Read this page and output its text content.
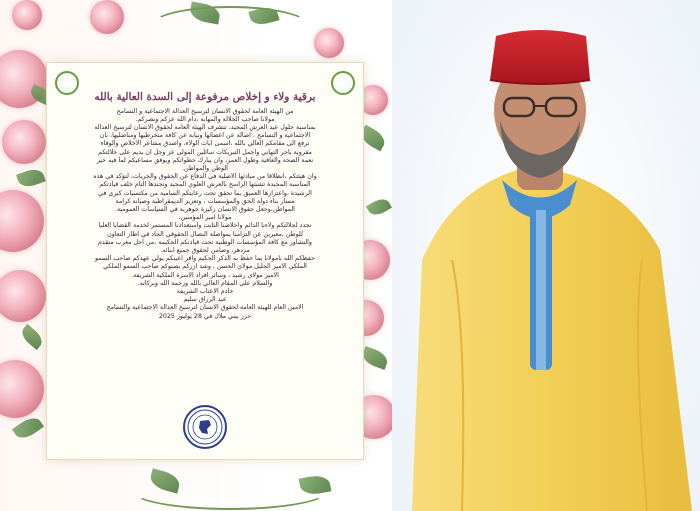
برقية ولاء و إخلاص مرفوعة إلى السدة العالية بالله
من الهيئة العامة لحقوق الانسان لترسيخ العدالة الاجتماعية و التسامح
مولانا صاحب الجلالة والمهابة ،دام الله عزكم ونصركم.
بمناسبة حلول عيد العرش المجيد، تتشرف الهيئة العامة لحقوق الانسان لترسيخ العدالة
الاجتماعية و التسامح ، اصالة عن اعضائها ونيابة عن كافة منخرطيها ومناضليها، بان
ترفع الى مقامكم العالي بالله ،اسمى ايات الولاء، واصدق مشاعر الاخلاص والوفاء
مقرونة بأحر التهاني وأجمل التبريكات سائلين المولى عز وجل ان يديم على جلالتكم
نعمة الصحة والعافية وطول العمر، وأن يبارك خطواتكم ويوفق مساعيكم لما فيه خير
الوطن والمواطن.
وان هيئتكم ،انطلاقا من مبادئها الاصلية في الدفاع عن الحقوق والحريات، لتؤكد في هذه
المناسبة المجيدة تشبثها الراسخ بالعرش العلوي المجيد وتجندها التام خلف قيادتكم
الرشيدة ،واعتزازها العميق بما تحقق تحت رعايتكم السامية من مكتسبات كبرى في
مسار بناء دولة الحق والمؤسسات ، وتعزيز الديمقراطية وصيانة كرامة
المواطن،وجعل حقوق الانسان ركيزة جوهرية في السياسات العمومية.
مولانا امير المؤمنين،
نجدد لجلالتكم ولاءنا الدائم واخلاصنا الثابت واستعدادنا المستمر لخدمة القضايا العليا
للوطن ،معبرين عن التزامنا بمواصلة النضال الحقوقي الجاد في اطار التعاون
والتشاور مع كافة المؤسسات الوطنية تحت قيادتكم الحكيمة ،من اجل مغرب متقدم
مزدهر، وضامن لحقوق جميع ابنائه.
حفظكم الله بامولانا بما حفظ به الذكر الحكيم واقر اعينكم بولي عهدكم صاحب السمو
الملكي الأمير الجليل مولاي الحسن ، وشد ازركم بصنوكم صاحب السمو الملكي
الأمير مولاي رشيد ، وسائر افراد الاسرة الملكية الشريفة.
والسلام على المقام العالي بالله ورحمة الله وبركاته.
خادم الاعتاب الشريفة
عبد الرزاق سليم
الامين العام للهيئة العامة لحقوق الانسان لترسيخ العدالة الاجتماعية والتسامح
حرر ببني ملال في 28 يوليوز 2025
